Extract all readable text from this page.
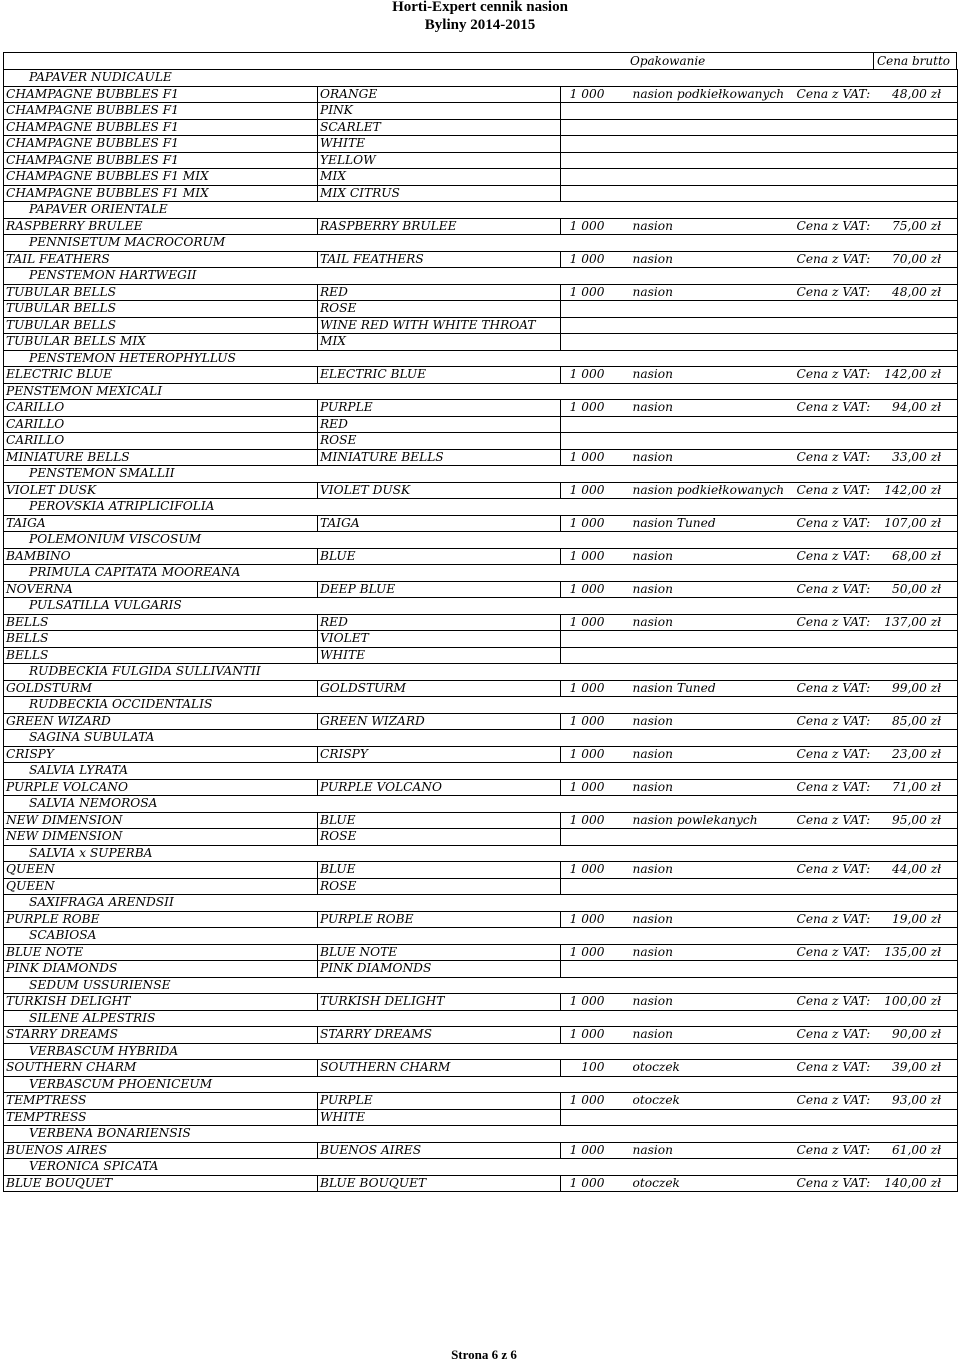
Horti-Expert cennik nasion
Byliny 2014-2015
Opakowanie	Cena brutto
PAPAVER NUDICAULE					
CHAMPAGNE BUBBLES F1	ORANGE	1 000	nasion podkiełkowanych	Cena z VAT:	48,00 zł
CHAMPAGNE BUBBLES F1	PINK				
CHAMPAGNE BUBBLES F1	SCARLET				
CHAMPAGNE BUBBLES F1	WHITE				
CHAMPAGNE BUBBLES F1	YELLOW				
CHAMPAGNE BUBBLES F1 MIX	MIX				
CHAMPAGNE BUBBLES F1 MIX	MIX CITRUS				
PAPAVER ORIENTALE					
RASPBERRY BRULEE	RASPBERRY BRULEE	1 000	nasion	Cena z VAT:	75,00 zł
PENNISETUM MACROCORUM					
TAIL FEATHERS	TAIL FEATHERS	1 000	nasion	Cena z VAT:	70,00 zł
PENSTEMON HARTWEGII					
TUBULAR BELLS	RED	1 000	nasion	Cena z VAT:	48,00 zł
TUBULAR BELLS	ROSE				
TUBULAR BELLS	WINE RED WITH WHITE THROAT				
TUBULAR BELLS MIX	MIX				
PENSTEMON HETEROPHYLLUS					
ELECTRIC BLUE	ELECTRIC BLUE	1 000	nasion	Cena z VAT:	142,00 zł
PENSTEMON MEXICALI					
CARILLO	PURPLE	1 000	nasion	Cena z VAT:	94,00 zł
CARILLO	RED				
CARILLO	ROSE				
MINIATURE BELLS	MINIATURE BELLS	1 000	nasion	Cena z VAT:	33,00 zł
PENSTEMON SMALLII					
VIOLET DUSK	VIOLET DUSK	1 000	nasion podkiełkowanych	Cena z VAT:	142,00 zł
PEROVSKIA ATRIPLICIFOLIA					
TAIGA	TAIGA	1 000	nasion Tuned	Cena z VAT:	107,00 zł
POLEMONIUM VISCOSUM					
BAMBINO	BLUE	1 000	nasion	Cena z VAT:	68,00 zł
PRIMULA CAPITATA MOOREANA					
NOVERNA	DEEP BLUE	1 000	nasion	Cena z VAT:	50,00 zł
PULSATILLA VULGARIS					
BELLS	RED	1 000	nasion	Cena z VAT:	137,00 zł
BELLS	VIOLET				
BELLS	WHITE				
RUDBECKIA FULGIDA SULLIVANTII					
GOLDSTURM	GOLDSTURM	1 000	nasion Tuned	Cena z VAT:	99,00 zł
RUDBECKIA OCCIDENTALIS					
GREEN WIZARD	GREEN WIZARD	1 000	nasion	Cena z VAT:	85,00 zł
SAGINA SUBULATA					
CRISPY	CRISPY	1 000	nasion	Cena z VAT:	23,00 zł
SALVIA LYRATA					
PURPLE VOLCANO	PURPLE VOLCANO	1 000	nasion	Cena z VAT:	71,00 zł
SALVIA NEMOROSA					
NEW DIMENSION	BLUE	1 000	nasion powlekanych	Cena z VAT:	95,00 zł
NEW DIMENSION	ROSE				
SALVIA x SUPERBA					
QUEEN	BLUE	1 000	nasion	Cena z VAT:	44,00 zł
QUEEN	ROSE				
SAXIFRAGA ARENDSII					
PURPLE ROBE	PURPLE ROBE	1 000	nasion	Cena z VAT:	19,00 zł
SCABIOSA					
BLUE NOTE	BLUE NOTE	1 000	nasion	Cena z VAT:	135,00 zł
PINK DIAMONDS	PINK DIAMONDS				
SEDUM USSURIENSE					
TURKISH DELIGHT	TURKISH DELIGHT	1 000	nasion	Cena z VAT:	100,00 zł
SILENE ALPESTRIS					
STARRY DREAMS	STARRY DREAMS	1 000	nasion	Cena z VAT:	90,00 zł
VERBASCUM HYBRIDA					
SOUTHERN CHARM	SOUTHERN CHARM	100	otoczek	Cena z VAT:	39,00 zł
VERBASCUM PHOENICEUM					
TEMPTRESS	PURPLE	1 000	otoczek	Cena z VAT:	93,00 zł
TEMPTRESS	WHITE				
VERBENA BONARIENSIS					
BUENOS AIRES	BUENOS AIRES	1 000	nasion	Cena z VAT:	61,00 zł
VERONICA SPICATA					
BLUE BOUQUET	BLUE BOUQUET	1 000	otoczek	Cena z VAT:	140,00 zł
Strona 6 z 6
